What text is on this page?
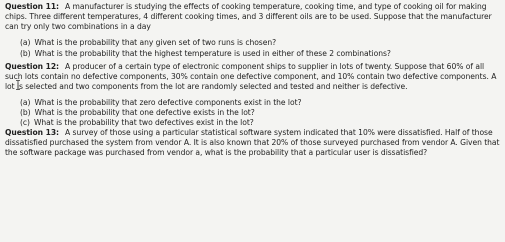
Question 11: A manufacturer is studying the effects of cooking temperature, cooking time, and type of cooking oil for making chips. Three different temperatures, 4 different cooking times, and 3 different oils are to be used. Suppose that the manufacturer can try only two combinations in a day

(a) What is the probability that any given set of two runs is chosen?
(b) What is the probability that the highest temperature is used in either of these 2 combinations?

Question 12: A producer of a certain type of electronic component ships to supplier in lots of twenty. Suppose that 60% of all such lots contain no defective components, 30% contain one defective component, and 10% contain two defective components. A lot is selected and two components from the lot are randomly selected and tested and neither is defective.

(a) What is the probability that zero defective components exist in the lot?
(b) What is the probability that one defective exists in the lot?
(c) What is the probability that two defectives exist in the lot?

Question 13: A survey of those using a particular statistical software system indicated that 10% were dissatisfied. Half of those dissatisfied purchased the system from vendor A. It is also known that 20% of those surveyed purchased from vendor A. Given that the software package was purchased from vendor a, what is the probability that a particular user is dissatisfied?
